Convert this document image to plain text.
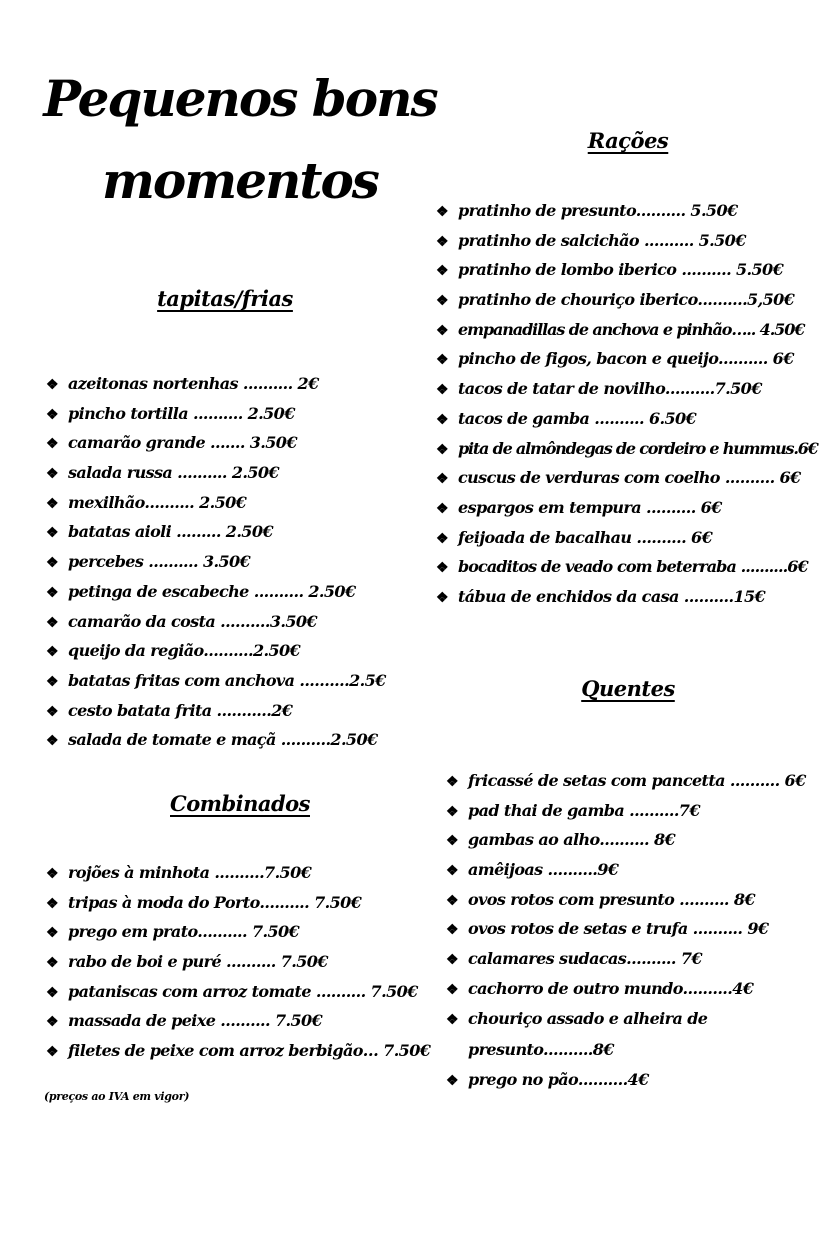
Pequenos bons
momentos
tapitas/frias
❖ azeitonas nortenhas .......... 2€
❖ pincho tortilla .......... 2.50€
❖ camarão grande ....... 3.50€
❖ salada russa .......... 2.50€
❖ mexilhão.......... 2.50€
❖ batatas aioli ......... 2.50€
❖ percebes .......... 3.50€
❖ petinga de escabeche .......... 2.50€
❖ camarão da costa ..........3.50€
❖ queijo da região..........2.50€
❖ batatas fritas com anchova ..........2.5€
❖ cesto batata frita ...........2€
❖ salada de tomate e maçã ..........2.50€
Combinados
❖ rojões à minhota ..........7.50€
❖ tripas à moda do Porto.......... 7.50€
❖ prego em prato.......... 7.50€
❖ rabo de boi e puré .......... 7.50€
❖ pataniscas com arroz tomate .......... 7.50€
❖ massada de peixe .......... 7.50€
❖ filetes de peixe com arroz berbigão… 7.50€
(preços ao IVA em vigor)
Rações
❖ pratinho de presunto.......... 5.50€
❖ pratinho de salcichão .......... 5.50€
❖ pratinho de lombo iberico .......... 5.50€
❖ pratinho de chouriço iberico..........5,50€
❖ empanadillas de anchova e pinhão….. 4.50€
❖ pincho de figos, bacon e queijo.......... 6€
❖ tacos de tatar de novilho..........7.50€
❖ tacos de gamba .......... 6.50€
❖ pita de almôndegas de cordeiro e hummus.6€
❖ cuscus de verduras com coelho .......... 6€
❖ espargos em tempura .......... 6€
❖ feijoada de bacalhau .......... 6€
❖ bocaditos de veado com beterraba ..........6€
❖ tábua de enchidos da casa ..........15€
Quentes
❖ fricassé de setas com pancetta .......... 6€
❖ pad thai de gamba ..........7€
❖ gambas ao alho.......... 8€
❖ amêijoas ..........9€
❖ ovos rotos com presunto .......... 8€
❖ ovos rotos de setas e trufa .......... 9€
❖ calamares sudacas.......... 7€
❖ cachorro de outro mundo..........4€
❖ chouriço assado e alheira de
presunto..........8€
❖ prego no pão..........4€
